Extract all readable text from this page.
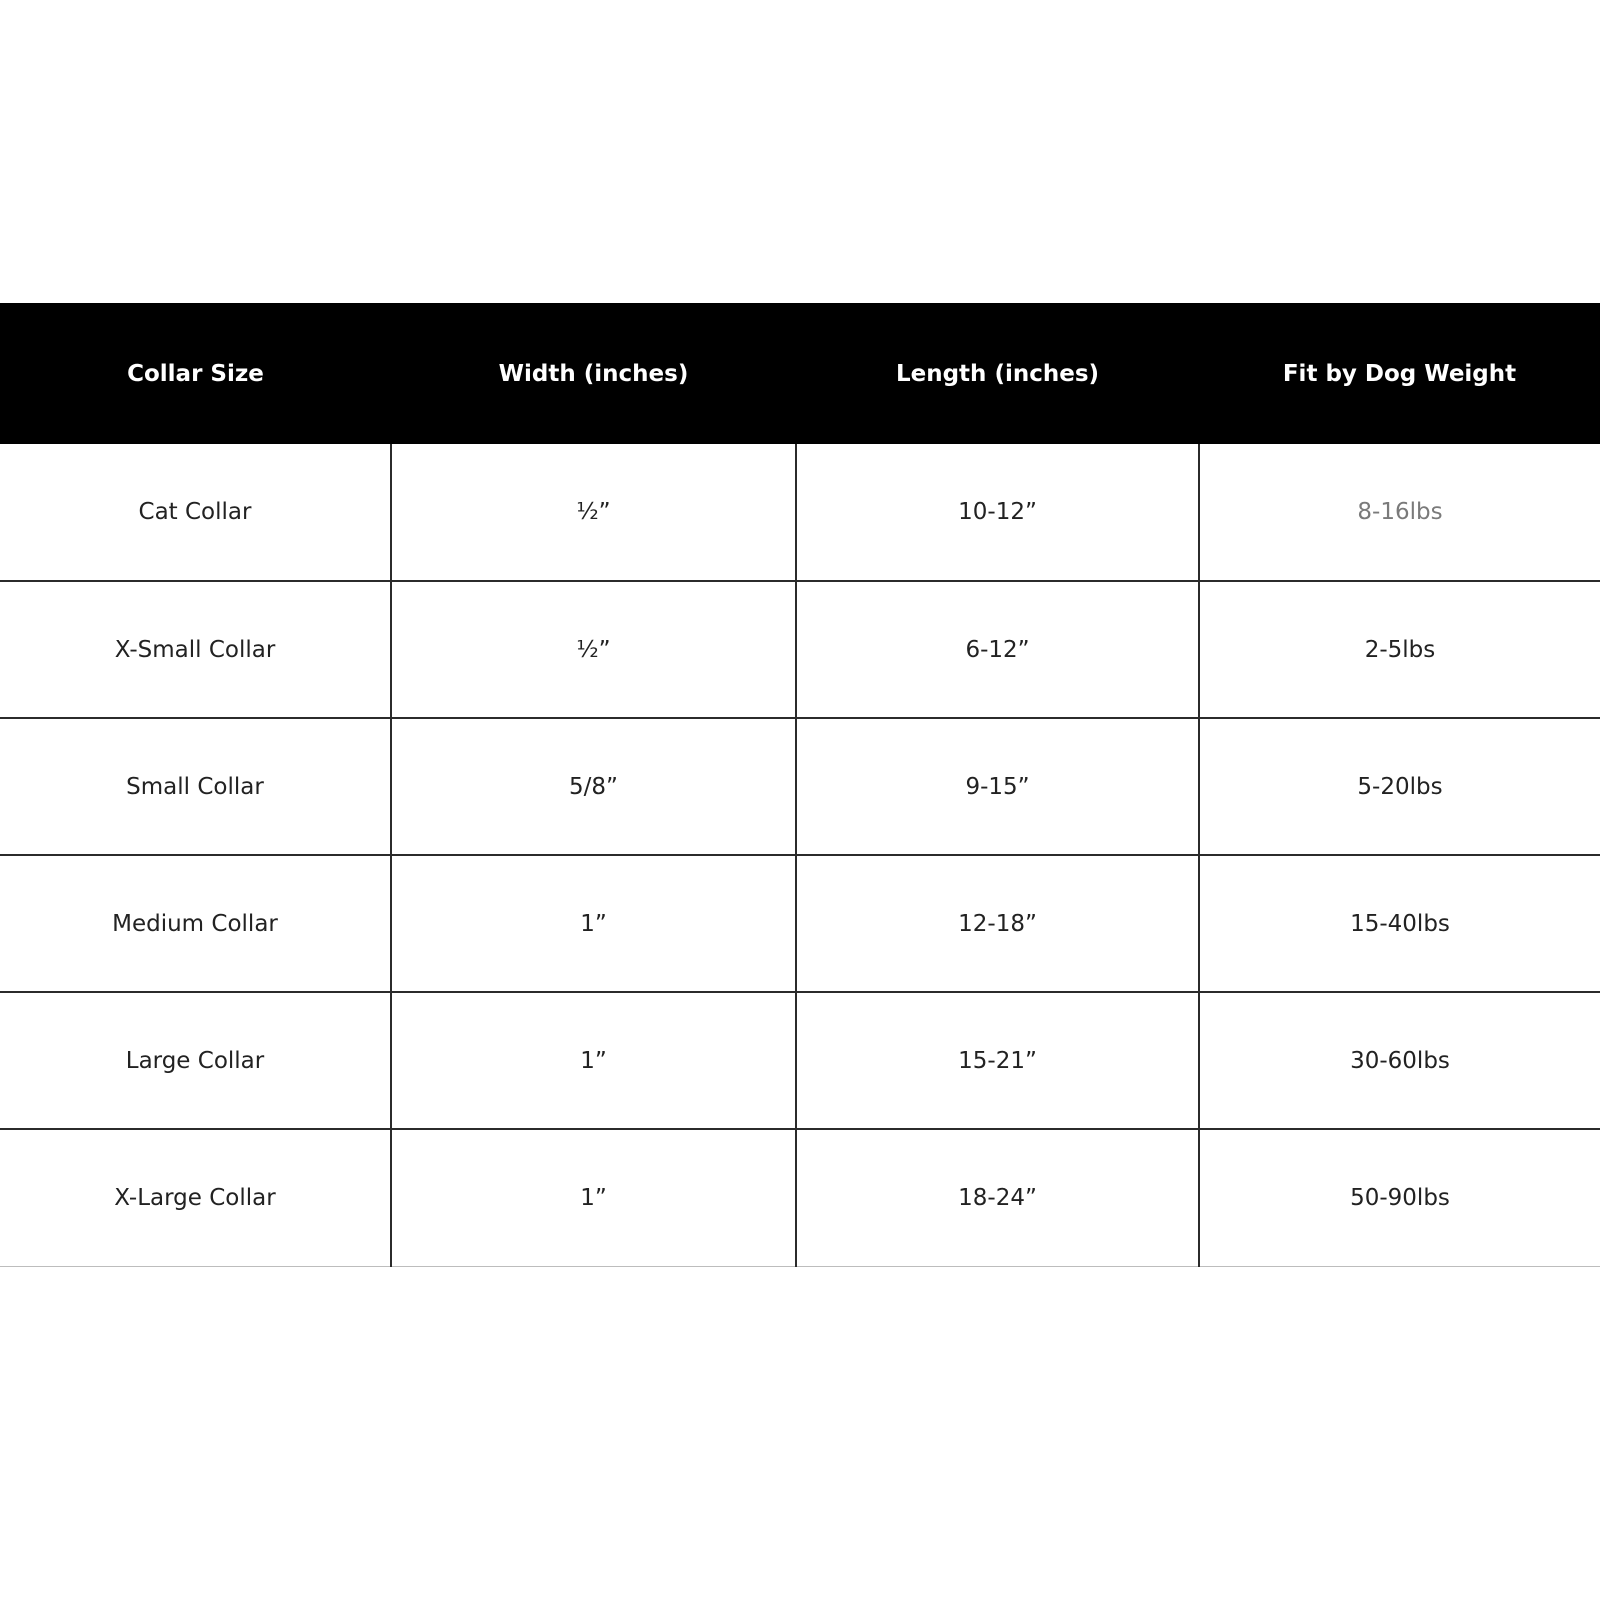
Collar Size	Width (inches)	Length (inches)	Fit by Dog Weight
Cat Collar	½”	10-12”	8-16lbs
X-Small Collar	½”	6-12”	2-5lbs
Small Collar	5/8”	9-15”	5-20lbs
Medium Collar	1”	12-18”	15-40lbs
Large Collar	1”	15-21”	30-60lbs
X-Large Collar	1”	18-24”	50-90lbs
